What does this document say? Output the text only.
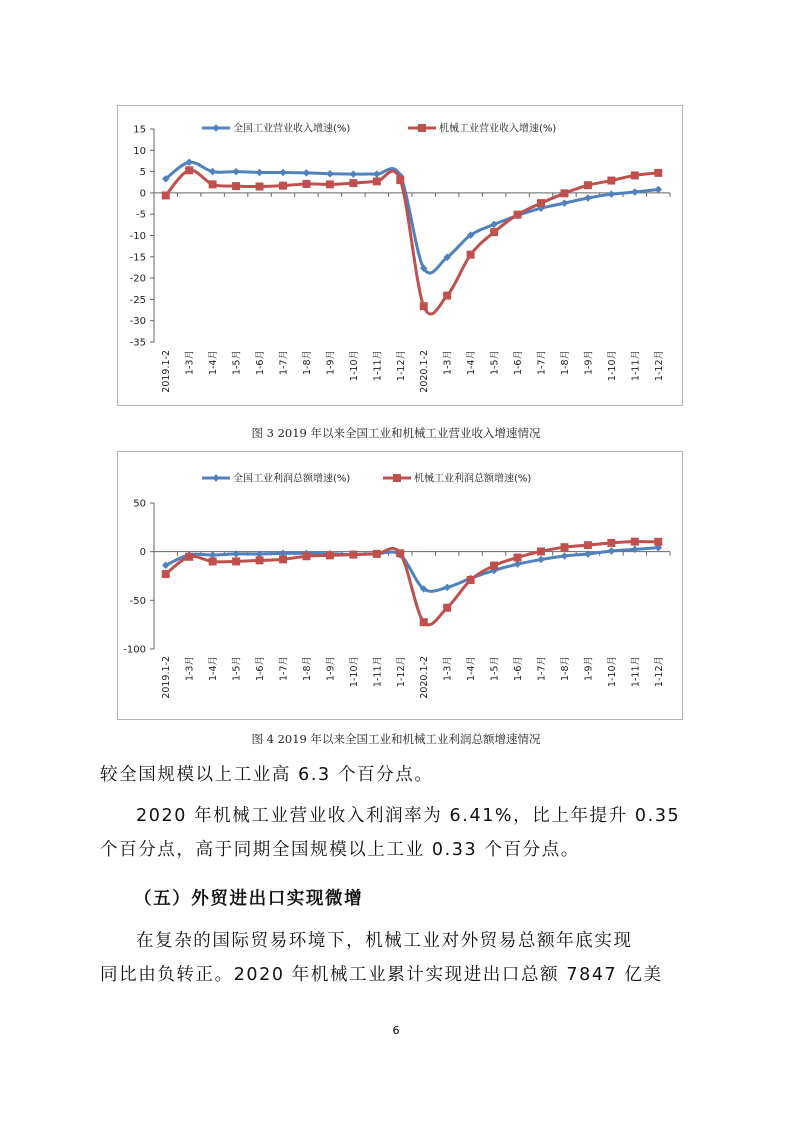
15
10
5
0
-5
-10
-15
-20
-25
-30
-35
2019.1-2 1-3月 1-4月 1-5月 1-6月 1-7月 1-8月 1-9月 1-10月 1-11月 1-12月 2020.1-2 1-3月 1-4月 1-5月 1-6月 1-7月 1-8月 1-9月 1-10月 1-11月 1-12月
全国工业营业收入增速(%)	机械工业营业收入增速(%)
图 3 2019 年以来全国工业和机械工业营业收入增速情况
50
0
-50
-100
2019.1-2 1-3月 1-4月 1-5月 1-6月 1-7月 1-8月 1-9月 1-10月 1-11月 1-12月 2020.1-2 1-3月 1-4月 1-5月 1-6月 1-7月 1-8月 1-9月 1-10月 1-11月 1-12月
全国工业利润总额增速(%)	机械工业利润总额增速(%)
图 4 2019 年以来全国工业和机械工业利润总额增速情况
较全国规模以上工业高 6.3 个百分点。
2020 年机械工业营业收入利润率为 6.41%，比上年提升 0.35
个百分点，高于同期全国规模以上工业 0.33 个百分点。
（五）外贸进出口实现微增
在复杂的国际贸易环境下，机械工业对外贸易总额年底实现
同比由负转正。2020 年机械工业累计实现进出口总额 7847 亿美
6
